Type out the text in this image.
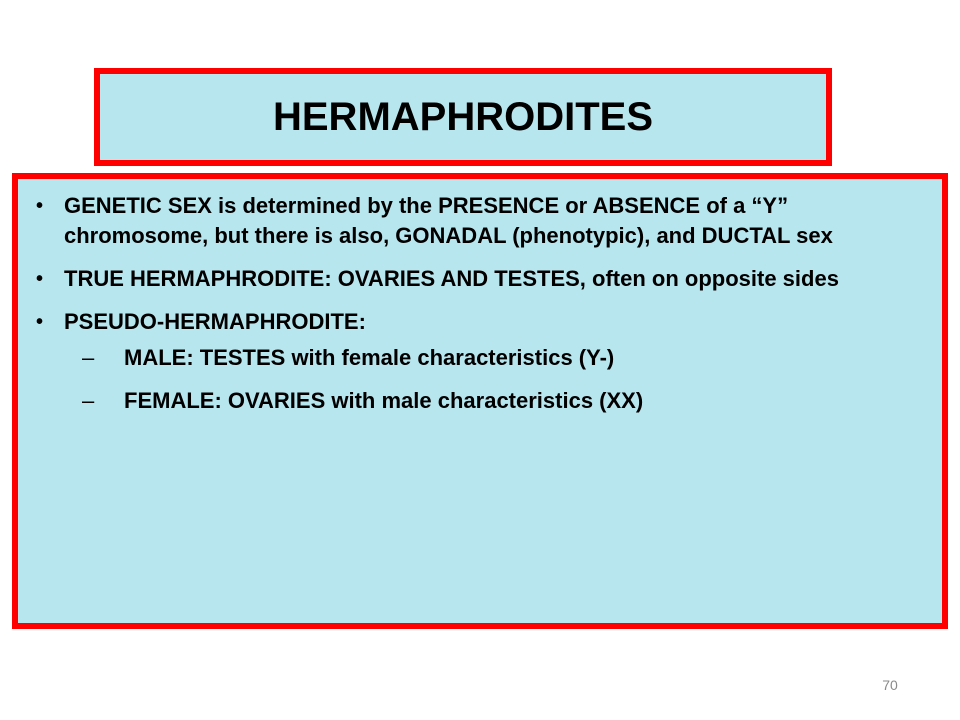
HERMAPHRODITES
• GENETIC SEX is determined by the PRESENCE or ABSENCE of a “Y” chromosome, but there is also, GONADAL (phenotypic), and DUCTAL sex
• TRUE HERMAPHRODITE: OVARIES AND TESTES, often on opposite sides
• PSEUDO-HERMAPHRODITE:
– MALE: TESTES with female characteristics (Y-)
– FEMALE: OVARIES with male characteristics (XX)
70
